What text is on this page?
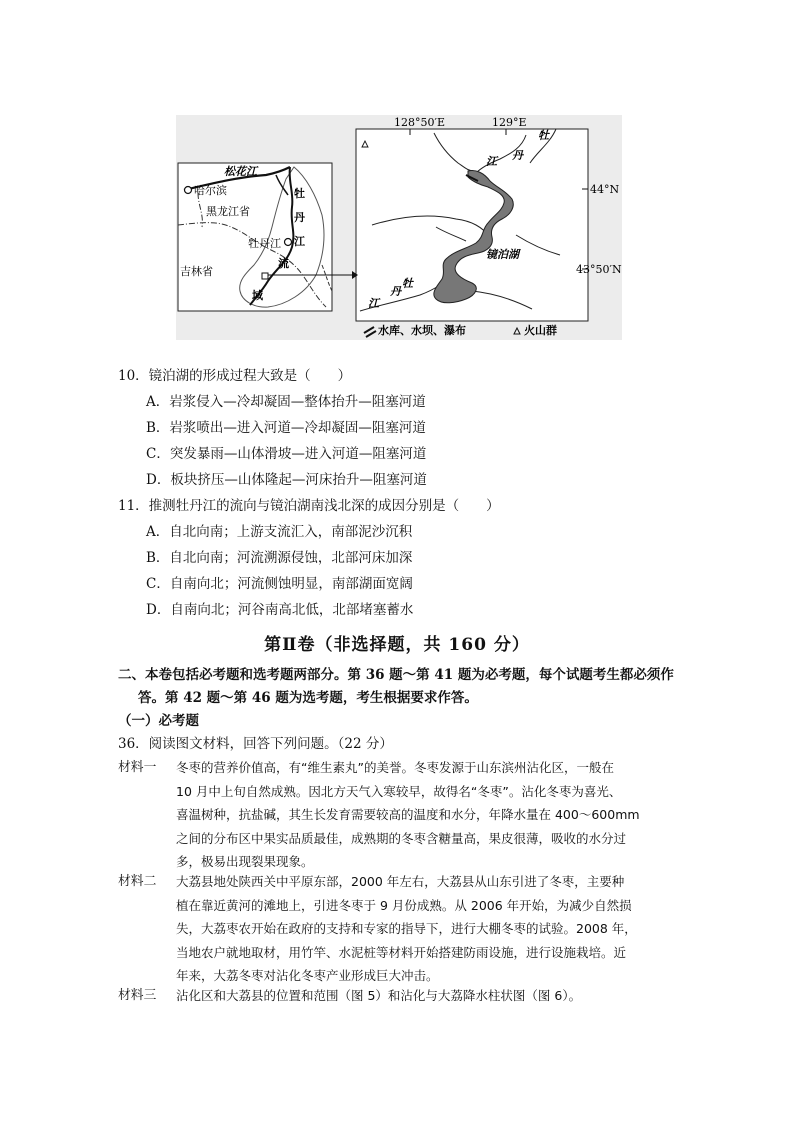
松花江
哈尔滨
黑龙江省
吉林省
牡丹江
牡
丹
江
流
域
128°50′E	129°E
44°N
43°50′N
镜泊湖
牡
丹
江
牡
丹
江
水库、水坝、瀑布	火山群
10．镜泊湖的形成过程大致是（　　）
A．岩浆侵入—冷却凝固—整体抬升—阻塞河道
B．岩浆喷出—进入河道—冷却凝固—阻塞河道
C．突发暴雨—山体滑坡—进入河道—阻塞河道
D．板块挤压—山体隆起—河床抬升—阻塞河道
11．推测牡丹江的流向与镜泊湖南浅北深的成因分别是（　　）
A．自北向南；上游支流汇入，南部泥沙沉积
B．自北向南；河流溯源侵蚀，北部河床加深
C．自南向北；河流侧蚀明显，南部湖面宽阔
D．自南向北；河谷南高北低，北部堵塞蓄水
第Ⅱ卷（非选择题，共 160 分）
二、本卷包括必考题和选考题两部分。第 36 题～第 41 题为必考题，每个试题考生都必须作
答。第 42 题～第 46 题为选考题，考生根据要求作答。
（一）必考题
36．阅读图文材料，回答下列问题。（22 分）
材料一	冬枣的营养价值高，有“维生素丸”的美誉。冬枣发源于山东滨州沾化区，一般在
10 月中上旬自然成熟。因北方天气入寒较早，故得名“冬枣”。沾化冬枣为喜光、
喜温树种，抗盐碱，其生长发育需要较高的温度和水分，年降水量在 400～600mm
之间的分布区中果实品质最佳，成熟期的冬枣含糖量高，果皮很薄，吸收的水分过
多，极易出现裂果现象。
材料二	大荔县地处陕西关中平原东部，2000 年左右，大荔县从山东引进了冬枣，主要种
植在靠近黄河的滩地上，引进冬枣于 9 月份成熟。从 2006 年开始，为减少自然损
失，大荔枣农开始在政府的支持和专家的指导下，进行大棚冬枣的试验。2008 年，
当地农户就地取材，用竹竿、水泥桩等材料开始搭建防雨设施，进行设施栽培。近
年来，大荔冬枣对沾化冬枣产业形成巨大冲击。
材料三	沾化区和大荔县的位置和范围（图 5）和沾化与大荔降水柱状图（图 6）。
